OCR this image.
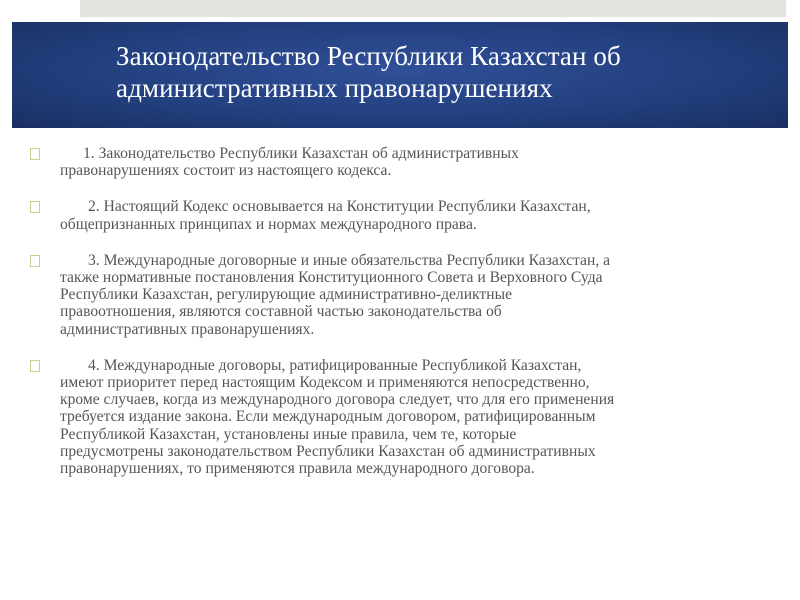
Законодательство Республики Казахстан об
административных правонарушениях

1. Законодательство Республики Казахстан об административных
правонарушениях состоит из настоящего кодекса.

2. Настоящий Кодекс основывается на Конституции Республики Казахстан,
общепризнанных принципах и нормах международного права.

3. Международные договорные и иные обязательства Республики Казахстан, а
также нормативные постановления Конституционного Совета и Верховного Суда
Республики Казахстан, регулирующие административно-деликтные
правоотношения, являются составной частью законодательства об
административных правонарушениях.

4. Международные договоры, ратифицированные Республикой Казахстан,
имеют приоритет перед настоящим Кодексом и применяются непосредственно,
кроме случаев, когда из международного договора следует, что для его применения
требуется издание закона. Если международным договором, ратифицированным
Республикой Казахстан, установлены иные правила, чем те, которые
предусмотрены законодательством Республики Казахстан об административных
правонарушениях, то применяются правила международного договора.
